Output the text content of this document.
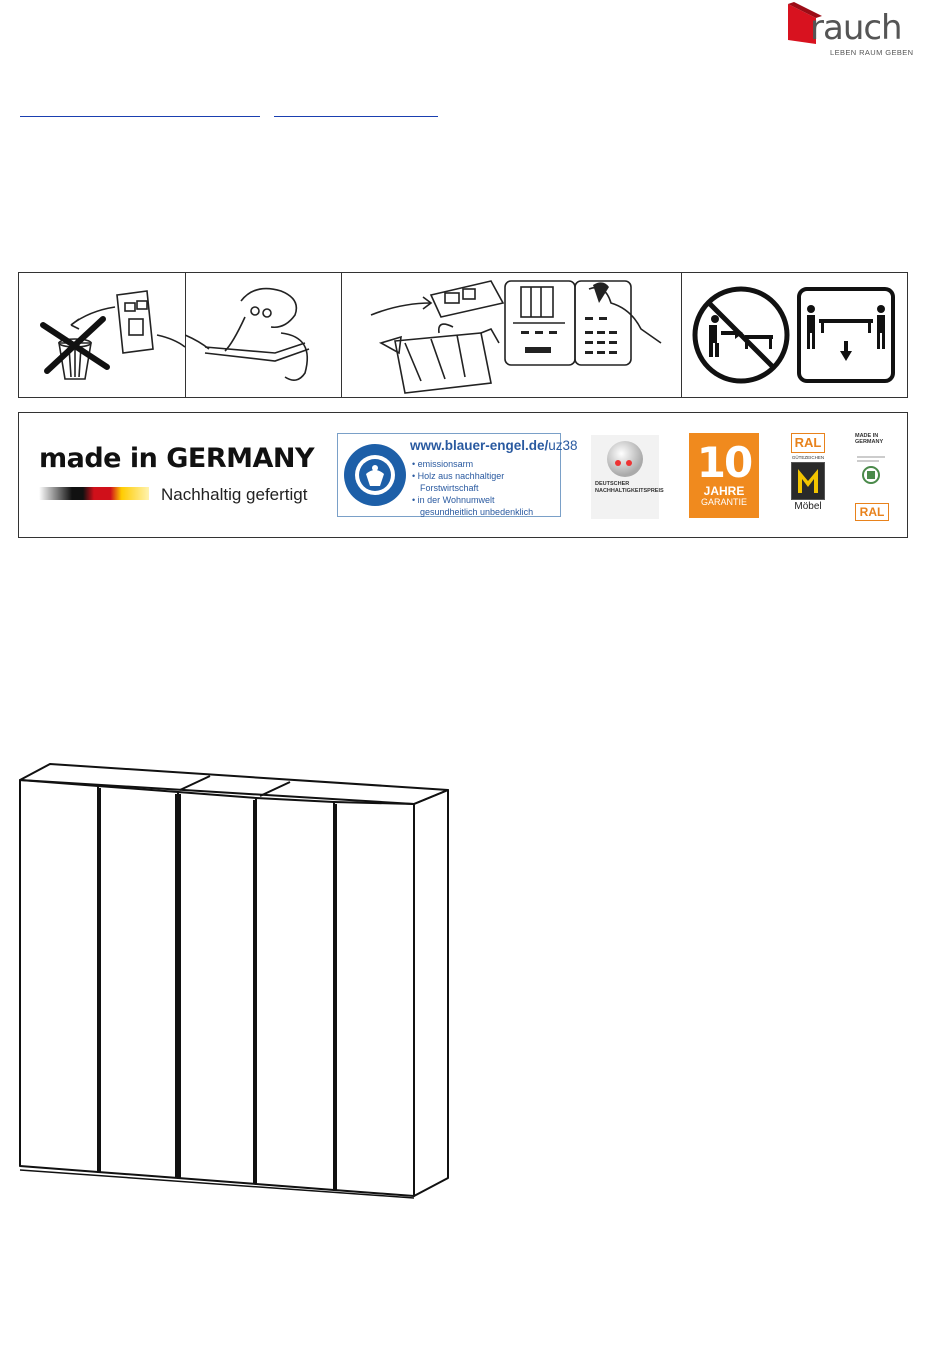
rauch
LEBEN RAUM GEBEN
made in GERMANY
Nachhaltig gefertigt
www.blauer-engel.de/uz38
• emissionsarm
• Holz aus nachhaltiger Forstwirtschaft
• in der Wohnumwelt gesundheitlich unbedenklich
DEUTSCHER NACHHALTIGKEITSPREIS
10
JAHRE
GARANTIE
RAL
GÜTEZEICHEN
Möbel
MADE IN GERMANY
RAL
